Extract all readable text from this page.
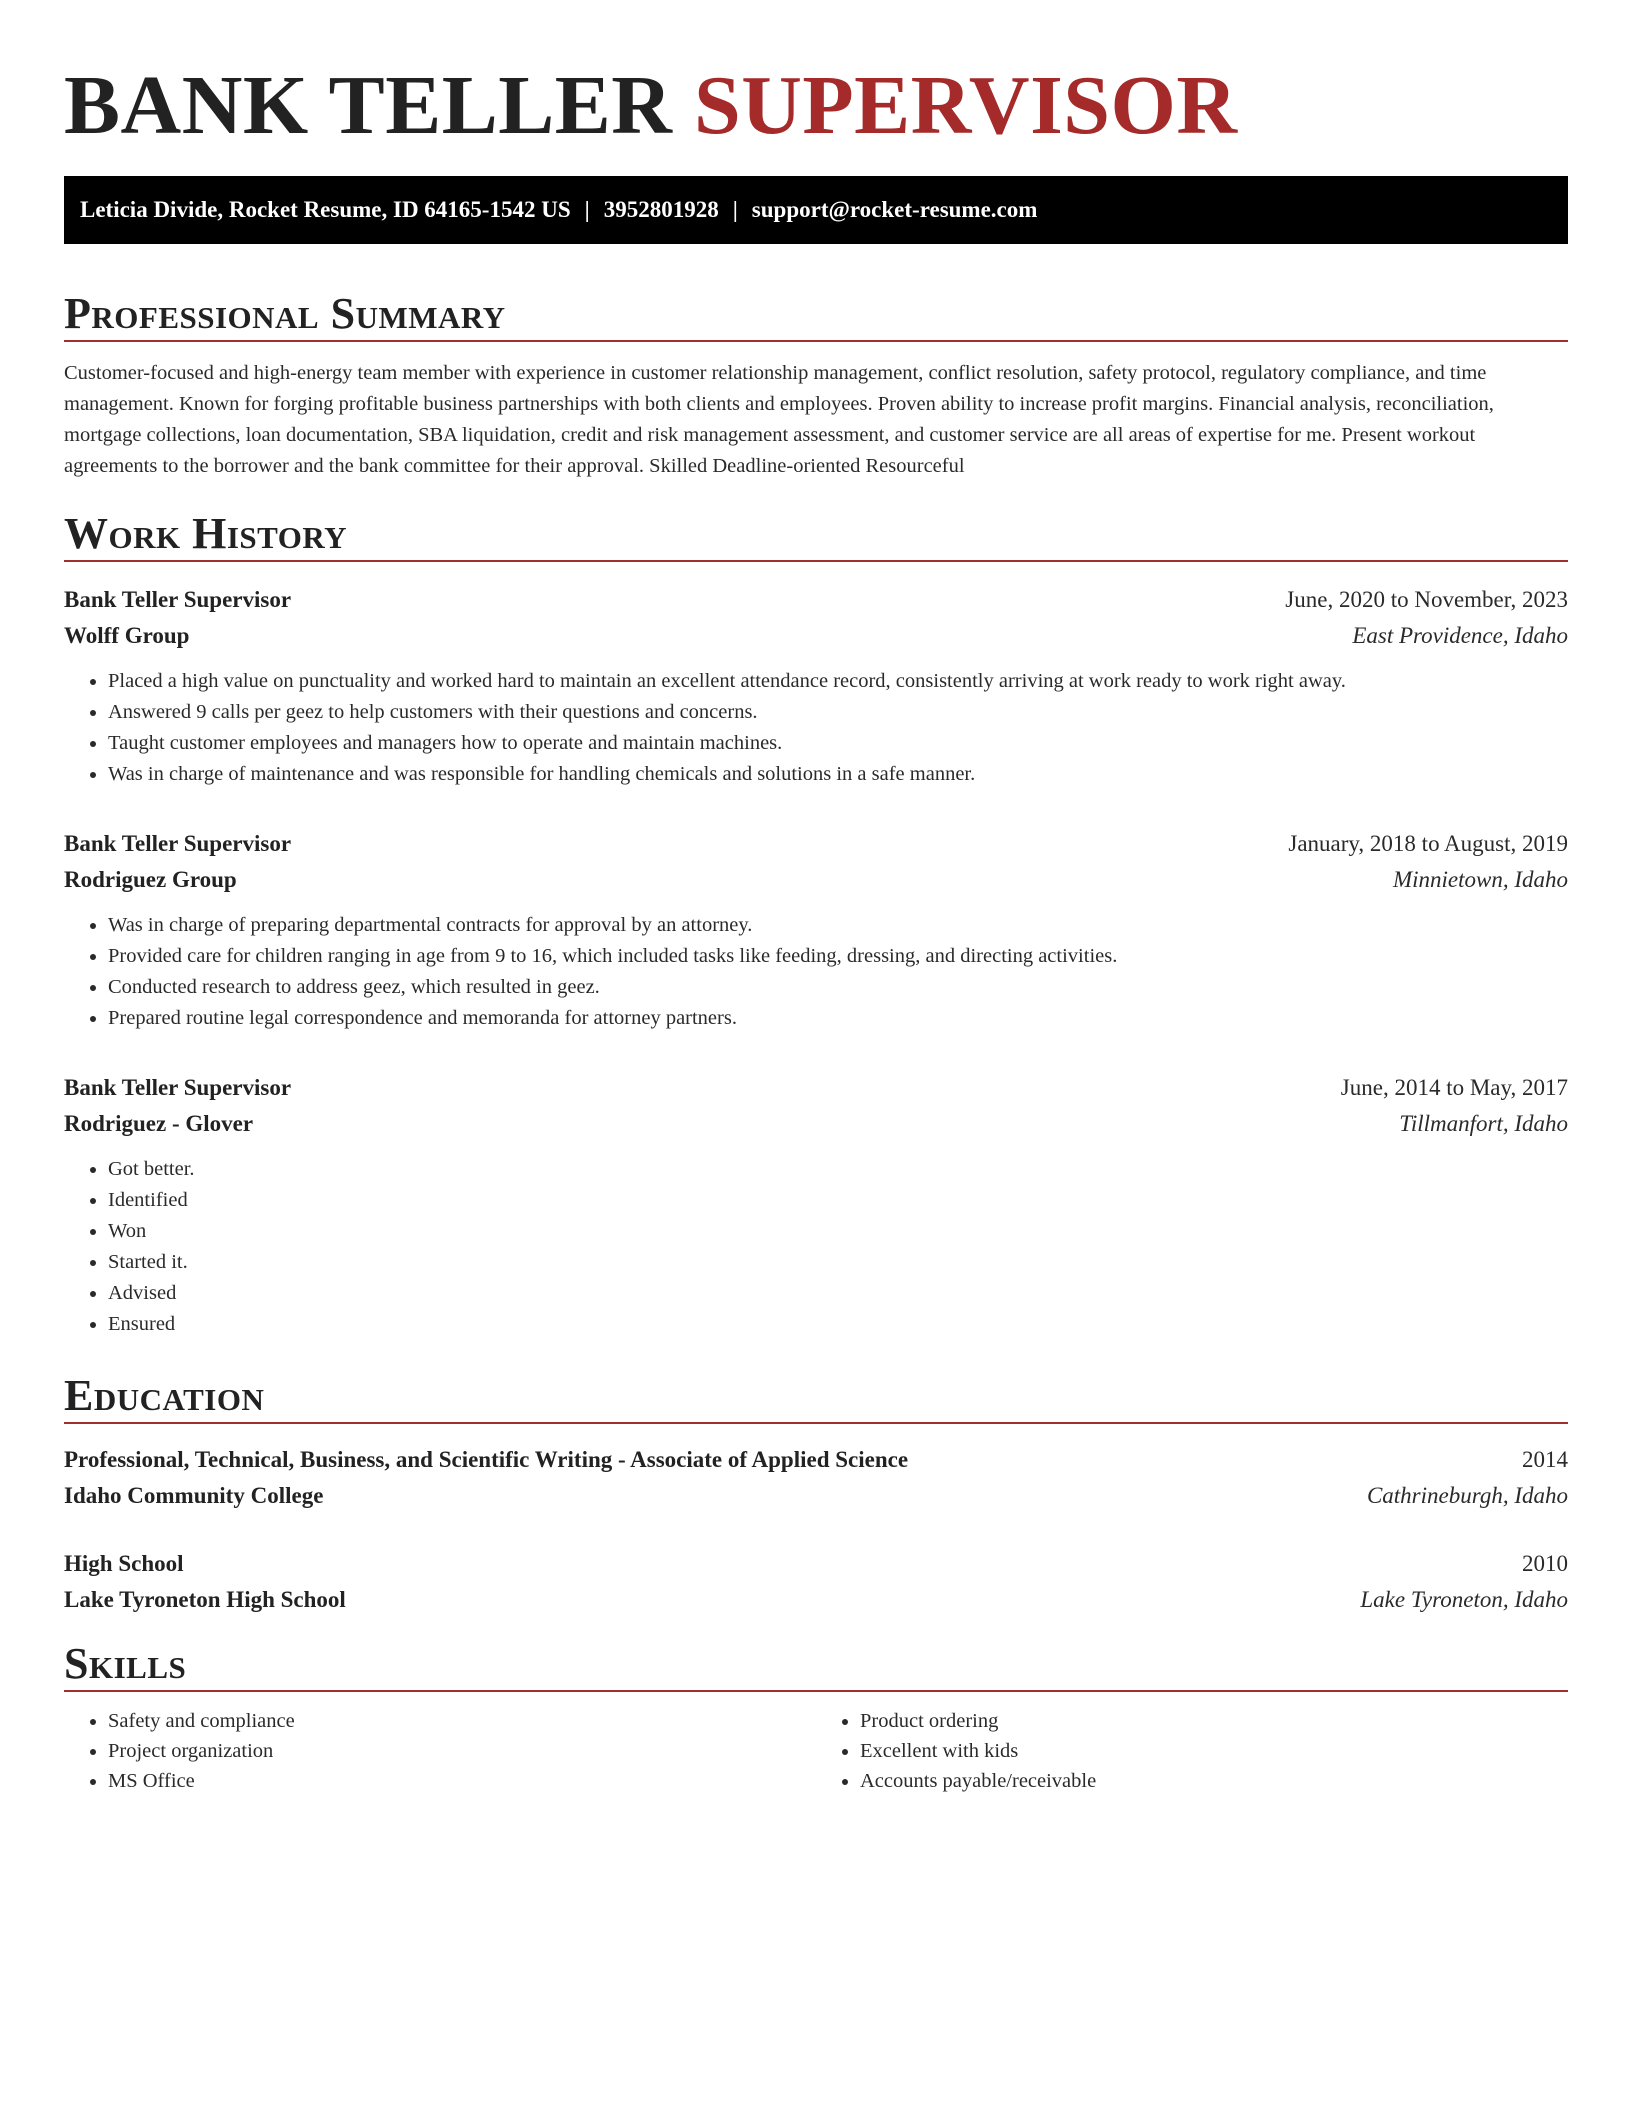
BANK TELLER SUPERVISOR
Leticia Divide, Rocket Resume, ID 64165-1542 US | 3952801928 | support@rocket-resume.com
Professional Summary

Customer-focused and high-energy team member with experience in customer relationship management, conflict resolution, safety protocol, regulatory compliance, and time management. Known for forging profitable business partnerships with both clients and employees. Proven ability to increase profit margins. Financial analysis, reconciliation, mortgage collections, loan documentation, SBA liquidation, credit and risk management assessment, and customer service are all areas of expertise for me. Present workout agreements to the borrower and the bank committee for their approval. Skilled Deadline-oriented Resourceful

Work History
Bank Teller Supervisor	June, 2020 to November, 2023
Wolff Group	East Providence, Idaho
• Placed a high value on punctuality and worked hard to maintain an excellent attendance record, consistently arriving at work ready to work right away.
• Answered 9 calls per geez to help customers with their questions and concerns.
• Taught customer employees and managers how to operate and maintain machines.
• Was in charge of maintenance and was responsible for handling chemicals and solutions in a safe manner.
Bank Teller Supervisor	January, 2018 to August, 2019
Rodriguez Group	Minnietown, Idaho
• Was in charge of preparing departmental contracts for approval by an attorney.
• Provided care for children ranging in age from 9 to 16, which included tasks like feeding, dressing, and directing activities.
• Conducted research to address geez, which resulted in geez.
• Prepared routine legal correspondence and memoranda for attorney partners.
Bank Teller Supervisor	June, 2014 to May, 2017
Rodriguez - Glover	Tillmanfort, Idaho
• Got better.
• Identified
• Won
• Started it.
• Advised
• Ensured
Education
Professional, Technical, Business, and Scientific Writing - Associate of Applied Science	2014
Idaho Community College	Cathrineburgh, Idaho
High School	2010
Lake Tyroneton High School	Lake Tyroneton, Idaho
Skills
• Safety and compliance
• Project organization
• MS Office
• Product ordering
• Excellent with kids
• Accounts payable/receivable
